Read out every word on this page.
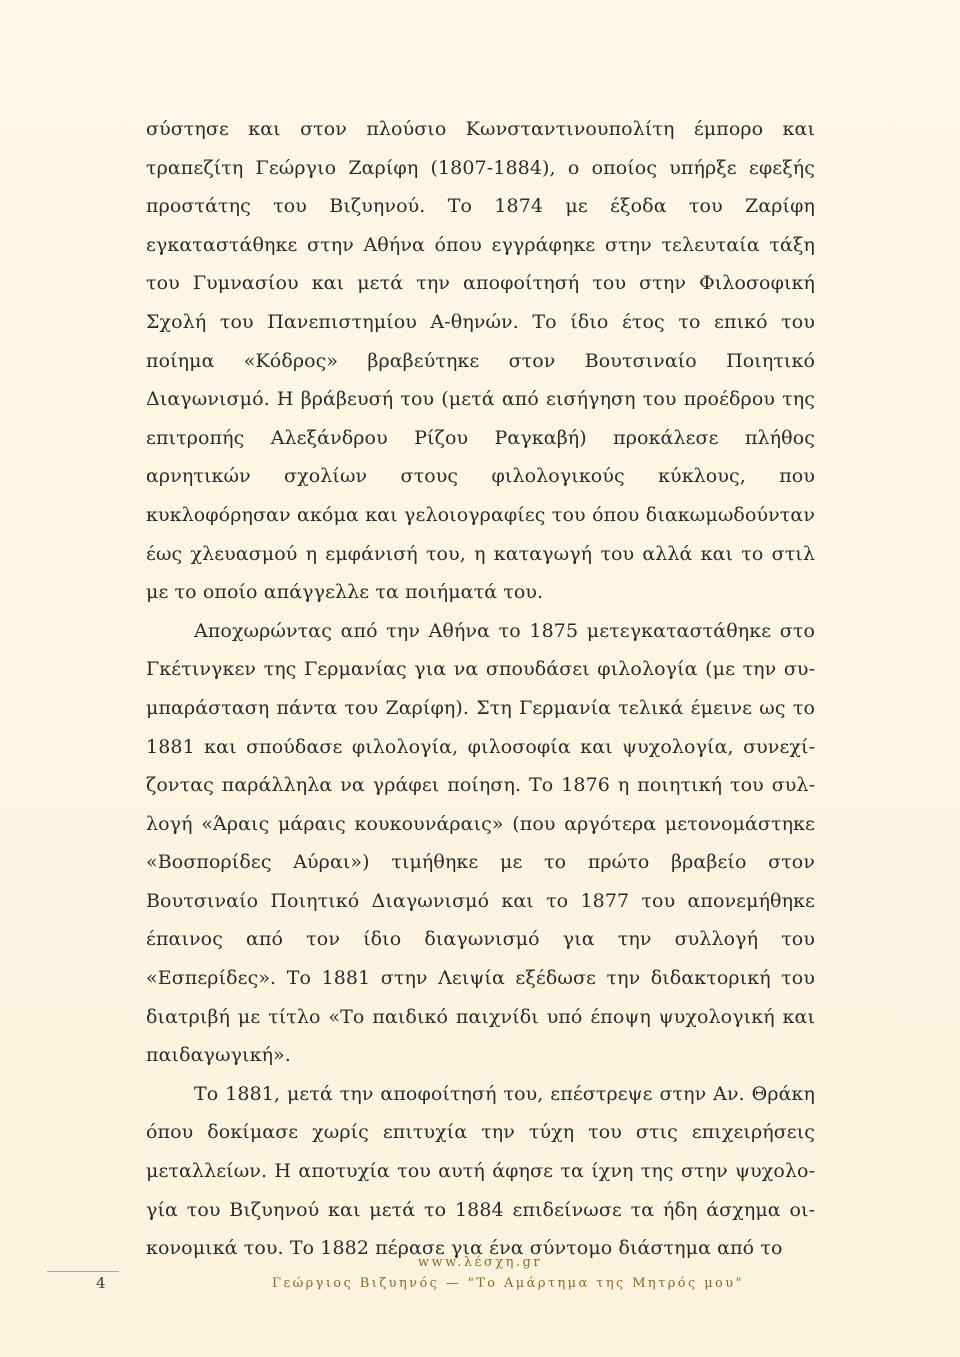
σύστησε και στον πλούσιο Κωνσταντινουπολίτη έμπορο και τραπεζίτη Γεώργιο Ζαρίφη (1807-1884), ο οποίος υπήρξε εφεξής προστάτης του Βιζυηνού. Το 1874 με έξοδα του Ζαρίφη εγκαταστάθηκε στην Αθήνα όπου εγγράφηκε στην τελευταία τάξη του Γυμνασίου και μετά την αποφοίτησή του στην Φιλοσοφική Σχολή του Πανεπιστημίου Α-θηνών. Το ίδιο έτος το επικό του ποίημα «Κόδρος» βραβεύτηκε στον Βουτσιναίο Ποιητικό Διαγωνισμό. Η βράβευσή του (μετά από εισήγηση του προέδρου της επιτροπής Αλεξάνδρου Ρίζου Ραγκαβή) προκάλεσε πλήθος αρνητικών σχολίων στους φιλολογικούς κύκλους, που κυκλοφόρησαν ακόμα και γελοιογραφίες του όπου διακωμωδούνταν έως χλευασμού η εμφάνισή του, η καταγωγή του αλλά και το στιλ με το οποίο απάγγελλε τα ποιήματά του.

Αποχωρώντας από την Αθήνα το 1875 μετεγκαταστάθηκε στο Γκέτινγκεν της Γερμανίας για να σπουδάσει φιλολογία (με την συμπαράσταση πάντα του Ζαρίφη). Στη Γερμανία τελικά έμεινε ως το 1881 και σπούδασε φιλολογία, φιλοσοφία και ψυχολογία, συνεχίζοντας παράλληλα να γράφει ποίηση. Το 1876 η ποιητική του συλλογή «Άραις μάραις κουκουνάραις» (που αργότερα μετονομάστηκε «Βοσπορίδες Αύραι») τιμήθηκε με το πρώτο βραβείο στον Βουτσιναίο Ποιητικό Διαγωνισμό και το 1877 του απονεμήθηκε έπαινος από τον ίδιο διαγωνισμό για την συλλογή του «Εσπερίδες». Το 1881 στην Λειψία εξέδωσε την διδακτορική του διατριβή με τίτλο «Το παιδικό παιχνίδι υπό έποψη ψυχολογική και παιδαγωγική».

Το 1881, μετά την αποφοίτησή του, επέστρεψε στην Αν. Θράκη όπου δοκίμασε χωρίς επιτυχία την τύχη του στις επιχειρήσεις μεταλλείων. Η αποτυχία του αυτή άφησε τα ίχνη της στην ψυχολογία του Βιζυηνού και μετά το 1884 επιδείνωσε τα ήδη άσχημα οικονομικά του. Το 1882 πέρασε για ένα σύντομο διάστημα από το

4
www.λέσχη.gr
Γεώργιος Βιζυηνός — "Το Αμάρτημα της Μητρός μου"
